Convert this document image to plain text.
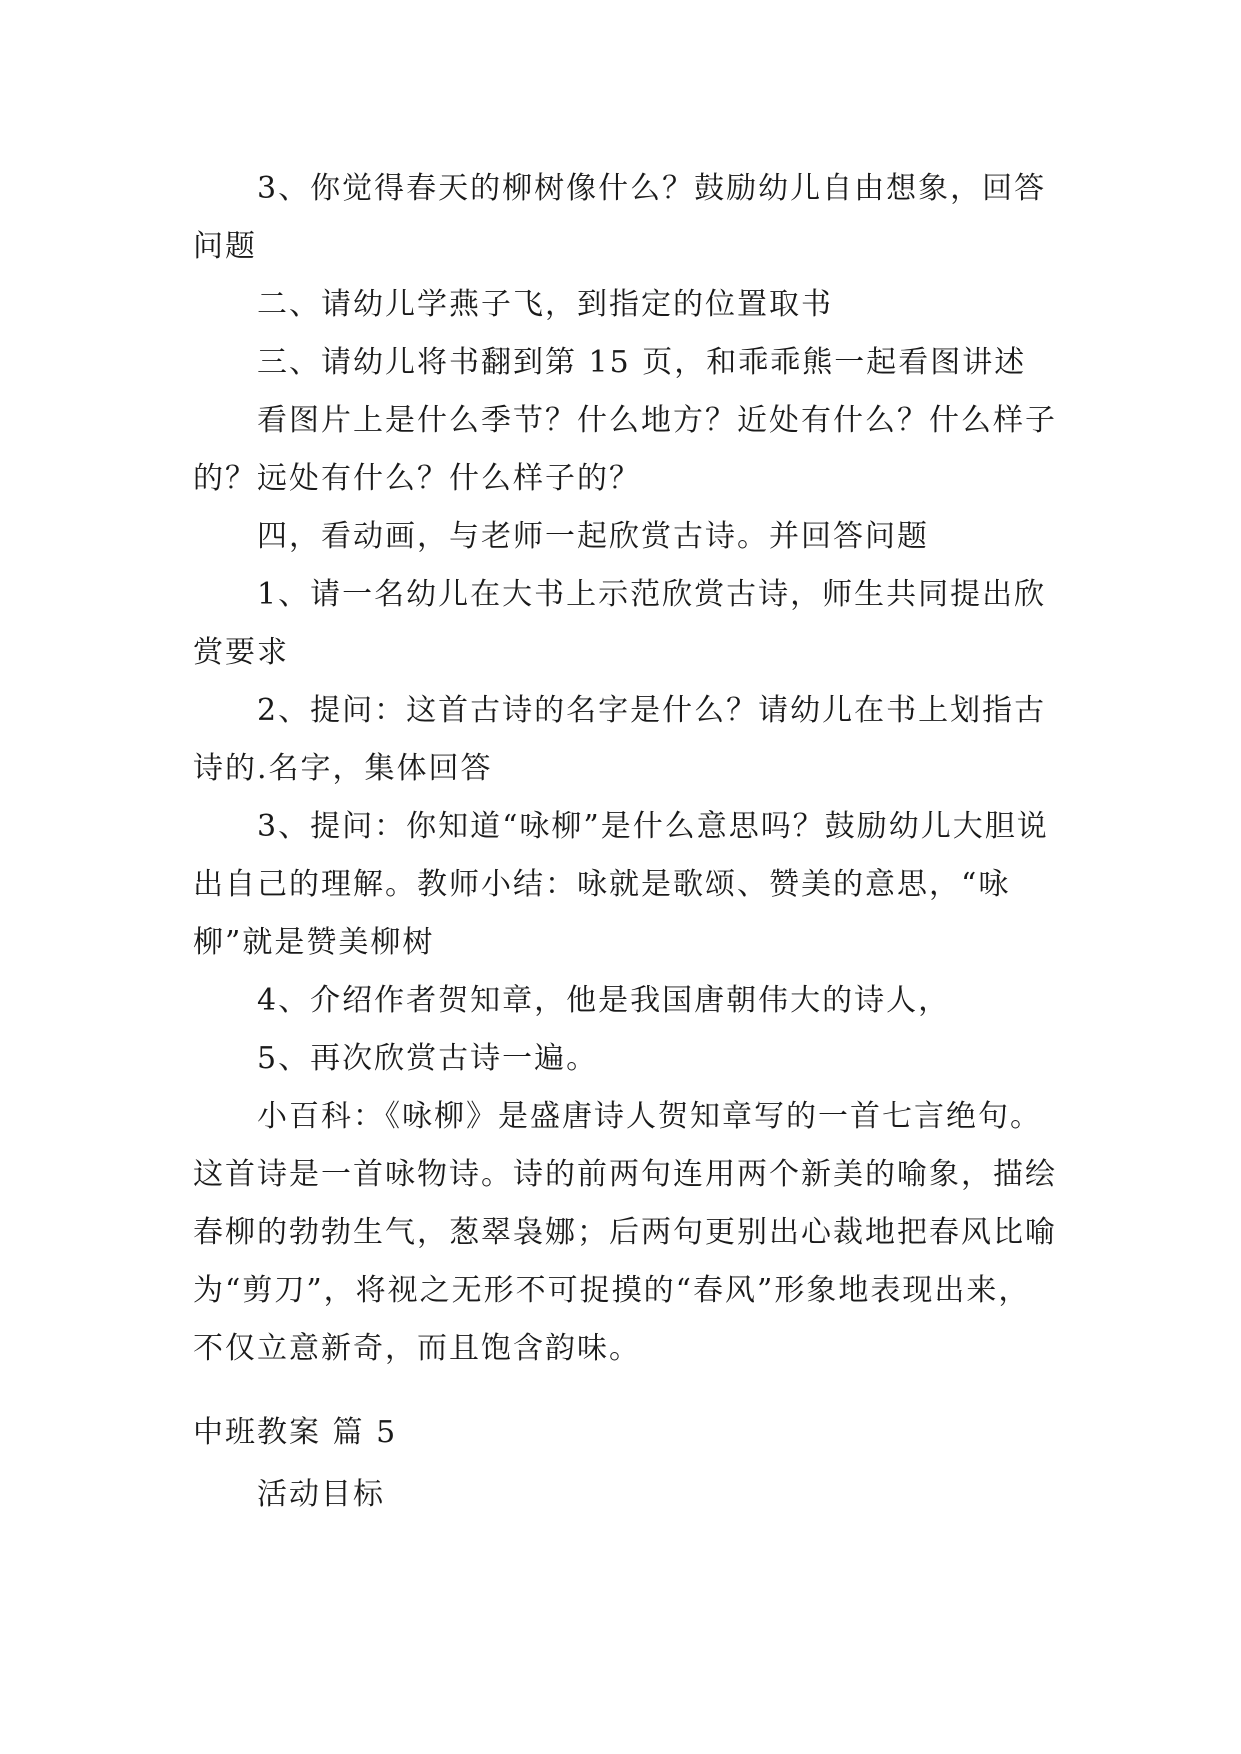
3、你觉得春天的柳树像什么？鼓励幼儿自由想象，回答问题

二、请幼儿学燕子飞，到指定的位置取书

三、请幼儿将书翻到第 15 页，和乖乖熊一起看图讲述

看图片上是什么季节？什么地方？近处有什么？什么样子的？远处有什么？什么样子的？

四，看动画，与老师一起欣赏古诗。并回答问题

1、请一名幼儿在大书上示范欣赏古诗，师生共同提出欣赏要求

2、提问：这首古诗的名字是什么？请幼儿在书上划指古诗的.名字，集体回答

3、提问：你知道“咏柳”是什么意思吗？鼓励幼儿大胆说出自己的理解。教师小结：咏就是歌颂、赞美的意思，“咏柳”就是赞美柳树

4、介绍作者贺知章，他是我国唐朝伟大的诗人，

5、再次欣赏古诗一遍。

小百科：《咏柳》是盛唐诗人贺知章写的一首七言绝句。这首诗是一首咏物诗。诗的前两句连用两个新美的喻象，描绘春柳的勃勃生气，葱翠袅娜；后两句更别出心裁地把春风比喻为“剪刀”，将视之无形不可捉摸的“春风”形象地表现出来，不仅立意新奇，而且饱含韵味。

中班教案 篇 5

活动目标
